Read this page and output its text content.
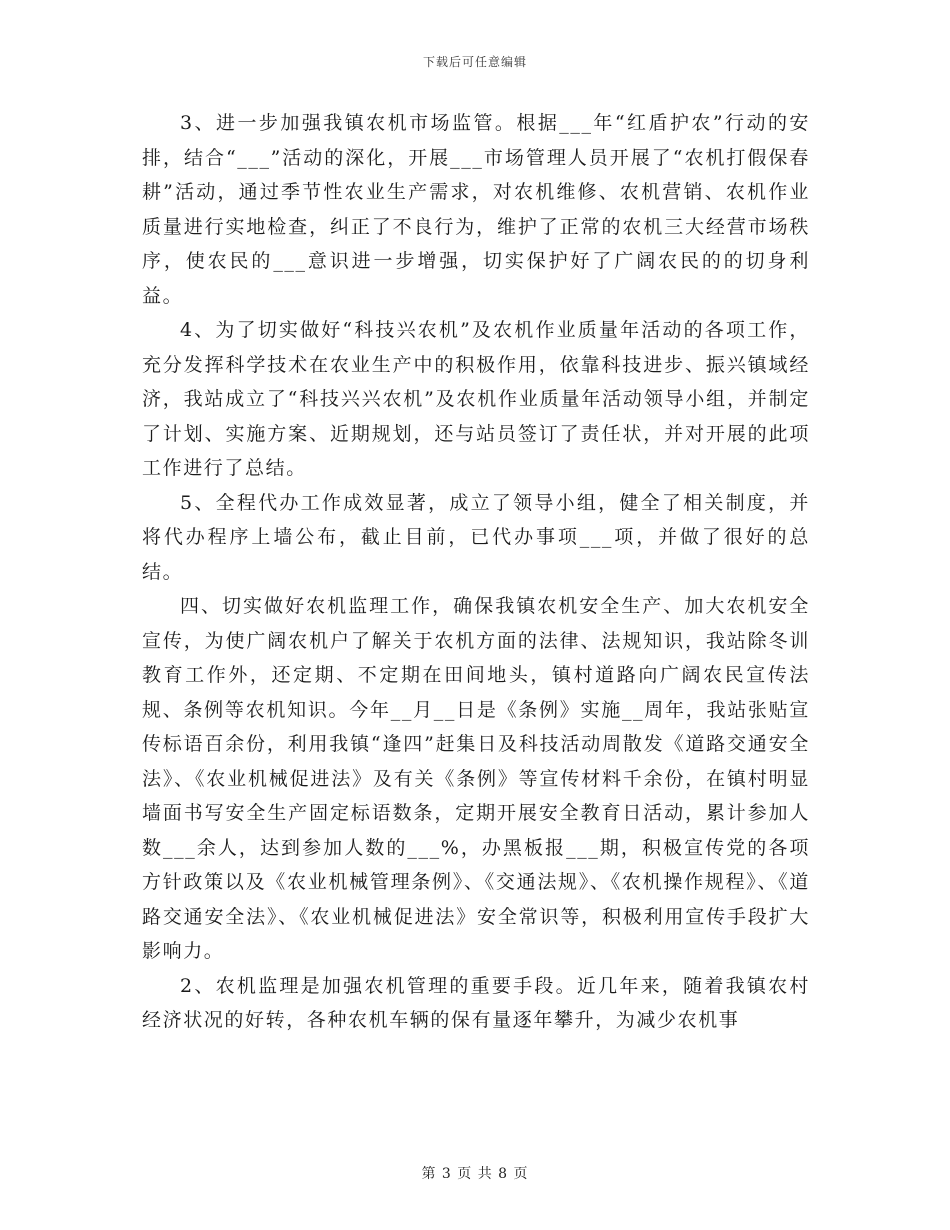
下载后可任意编辑

3、进一步加强我镇农机市场监管。根据___年“红盾护农”行动的安排，结合“___”活动的深化，开展___市场管理人员开展了“农机打假保春耕”活动，通过季节性农业生产需求，对农机维修、农机营销、农机作业质量进行实地检查，纠正了不良行为，维护了正常的农机三大经营市场秩序，使农民的___意识进一步增强，切实保护好了广阔农民的的切身利益。

4、为了切实做好“科技兴农机”及农机作业质量年活动的各项工作，充分发挥科学技术在农业生产中的积极作用，依靠科技进步、振兴镇域经济，我站成立了“科技兴兴农机”及农机作业质量年活动领导小组，并制定了计划、实施方案、近期规划，还与站员签订了责任状，并对开展的此项工作进行了总结。

5、全程代办工作成效显著，成立了领导小组，健全了相关制度，并将代办程序上墙公布，截止目前，已代办事项___项，并做了很好的总结。

四、切实做好农机监理工作，确保我镇农机安全生产、加大农机安全宣传，为使广阔农机户了解关于农机方面的法律、法规知识，我站除冬训教育工作外，还定期、不定期在田间地头，镇村道路向广阔农民宣传法规、条例等农机知识。今年__月__日是《条例》实施__周年，我站张贴宣传标语百余份，利用我镇“逢四”赶集日及科技活动周散发《道路交通安全法》、《农业机械促进法》及有关《条例》等宣传材料千余份，在镇村明显墙面书写安全生产固定标语数条，定期开展安全教育日活动，累计参加人数___余人，达到参加人数的___%，办黑板报___期，积极宣传党的各项方针政策以及《农业机械管理条例》、《交通法规》、《农机操作规程》、《道路交通安全法》、《农业机械促进法》安全常识等，积极利用宣传手段扩大影响力。

2、农机监理是加强农机管理的重要手段。近几年来，随着我镇农村经济状况的好转，各种农机车辆的保有量逐年攀升，为减少农机事

第 3 页 共 8 页
